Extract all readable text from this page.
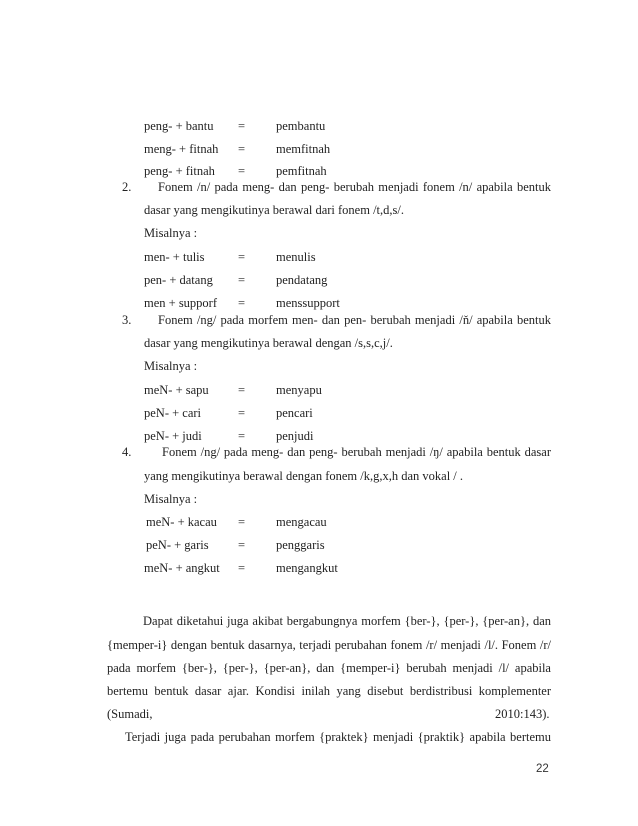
peng- + bantu = pembantu
meng- + fitnah = memfitnah
peng- + fitnah = pemfitnah
2. Fonem /n/ pada meng- dan peng- berubah menjadi fonem /n/ apabila bentuk
dasar yang mengikutinya berawal dari fonem /t,d,s/.
Misalnya :
men- + tulis	= menulis
pen- + datang = pendatang
men + supporf = menssupport
3. Fonem /ng/ pada morfem men- dan pen- berubah menjadi /ň/ apabila bentuk
dasar yang mengikutinya berawal dengan /s,s,c,j/.
Misalnya :
meN- + sapu = menyapu
peN- + cari	= pencari
peN- + judi	= penjudi
4. Fonem /ng/ pada meng- dan peng- berubah menjadi /ŋ/ apabila bentuk dasar
yang mengikutinya berawal dengan fonem /k,g,x,h dan vokal / .
Misalnya :
meN- + kacau = mengacau
peN- + garis = penggaris
meN- + angkut = mengangkut
Dapat diketahui juga akibat bergabungnya morfem {ber-}, {per-}, {per-an}, dan
{memper-i} dengan bentuk dasarnya, terjadi perubahan fonem /r/ menjadi /l/. Fonem /r/
pada morfem {ber-}, {per-}, {per-an}, dan {memper-i} berubah menjadi /l/ apabila
bertemu bentuk dasar ajar. Kondisi inilah yang disebut berdistribusi komplementer
(Sumadi,	2010:143).
Terjadi juga pada perubahan morfem {praktek} menjadi {praktik} apabila bertemu
22
